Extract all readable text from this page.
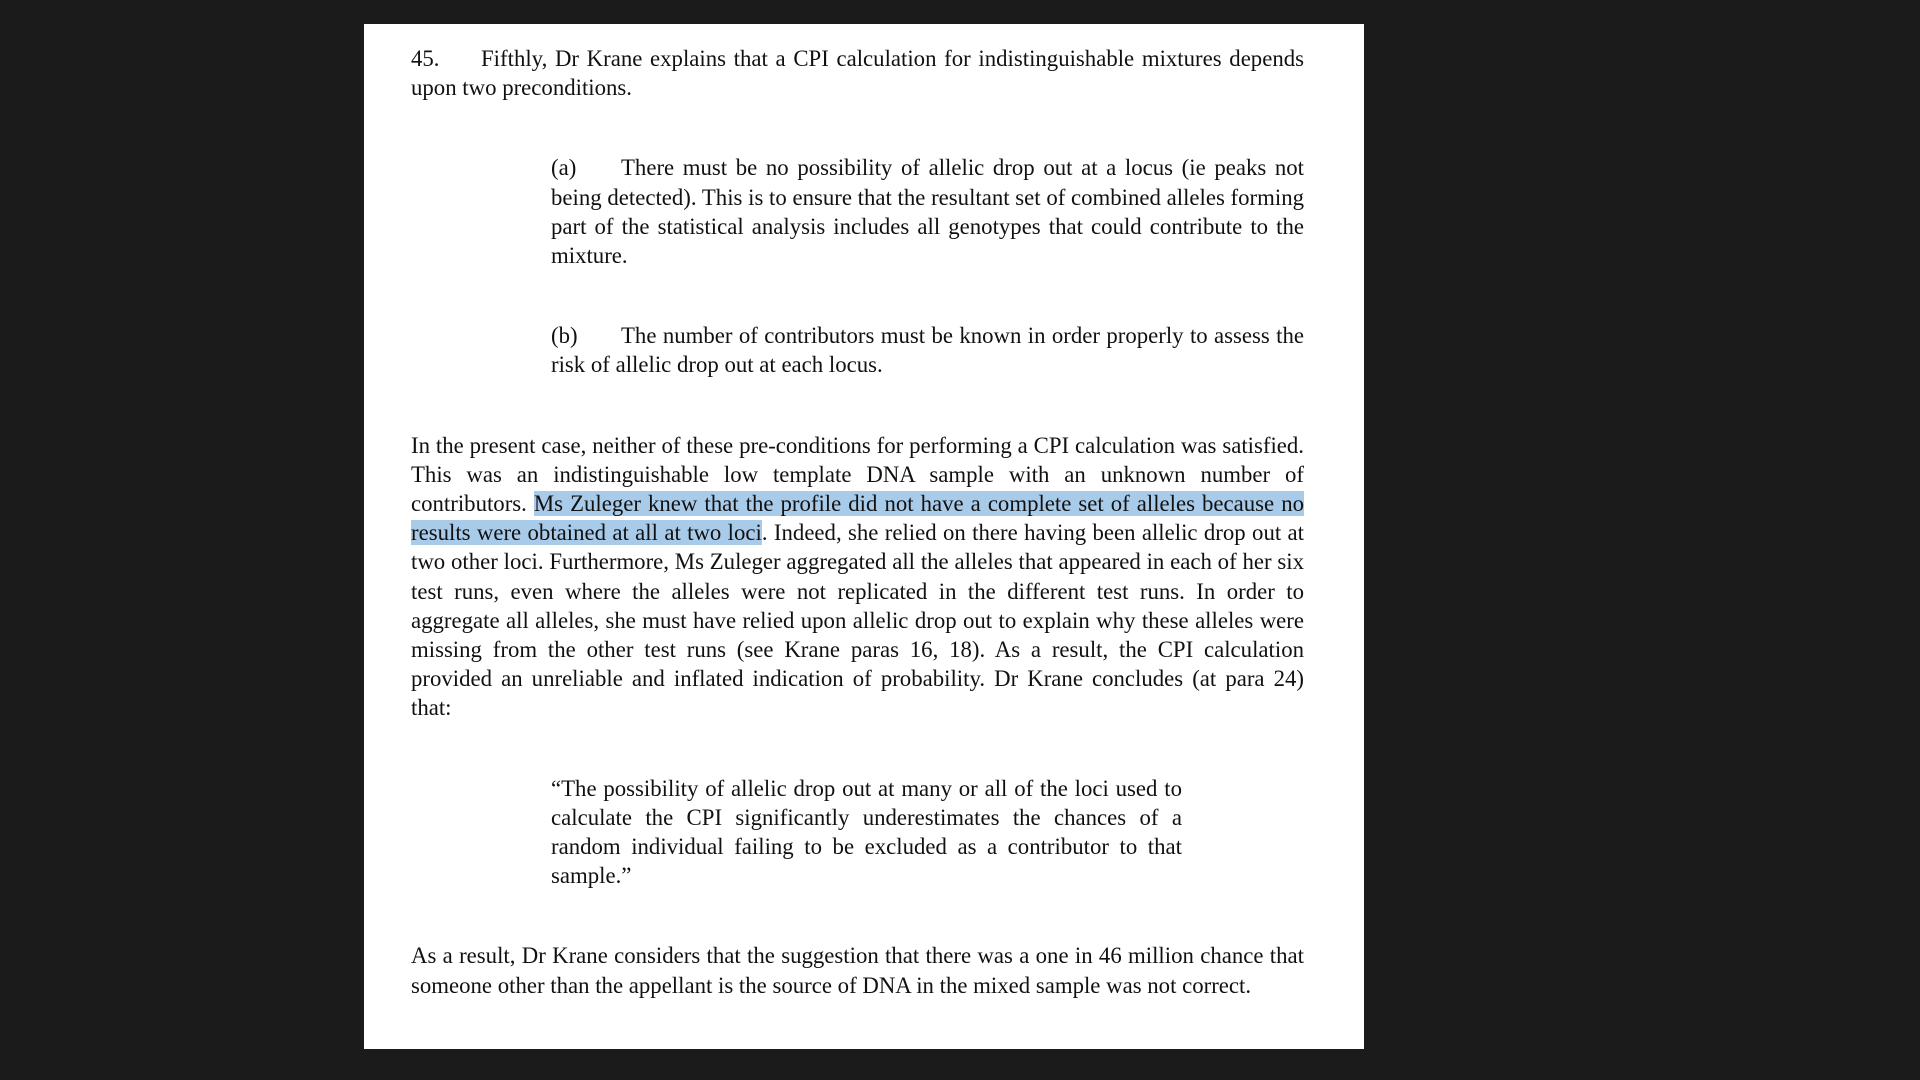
45. Fifthly, Dr Krane explains that a CPI calculation for indistinguishable mixtures depends upon two preconditions.

(a) There must be no possibility of allelic drop out at a locus (ie peaks not being detected). This is to ensure that the resultant set of combined alleles forming part of the statistical analysis includes all genotypes that could contribute to the mixture.

(b) The number of contributors must be known in order properly to assess the risk of allelic drop out at each locus.

In the present case, neither of these pre-conditions for performing a CPI calculation was satisfied. This was an indistinguishable low template DNA sample with an unknown number of contributors. Ms Zuleger knew that the profile did not have a complete set of alleles because no results were obtained at all at two loci. Indeed, she relied on there having been allelic drop out at two other loci. Furthermore, Ms Zuleger aggregated all the alleles that appeared in each of her six test runs, even where the alleles were not replicated in the different test runs. In order to aggregate all alleles, she must have relied upon allelic drop out to explain why these alleles were missing from the other test runs (see Krane paras 16, 18). As a result, the CPI calculation provided an unreliable and inflated indication of probability. Dr Krane concludes (at para 24) that:

“The possibility of allelic drop out at many or all of the loci used to calculate the CPI significantly underestimates the chances of a random individual failing to be excluded as a contributor to that sample.”

As a result, Dr Krane considers that the suggestion that there was a one in 46 million chance that someone other than the appellant is the source of DNA in the mixed sample was not correct.
